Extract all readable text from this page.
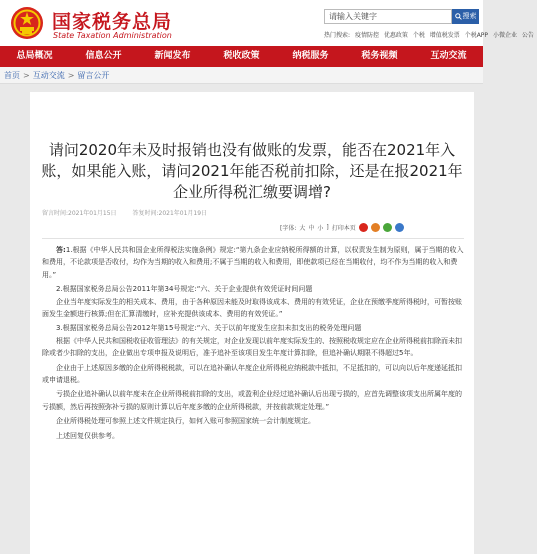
国家税务总局
State Taxation Administration
请输入关键字	搜索
热门搜索: 疫情防控 优惠政策 个税 增值税发票 个税APP 小微企业 公告
总局概况	信息公开	新闻发布	税收政策	纳税服务	税务视频	互动交流
首页 > 互动交流 > 留言公开
请问2020年未及时报销也没有做账的发票，能否在2021年入账，如果能入账，请问2021年能否税前扣除，还是在报2021年企业所得税汇缴要调增?
留言时间:2021年01月15日	答复时间:2021年01月19日
[字体: 大 中 小 ] 打印本页

答:1.根据《中华人民共和国企业所得税法实施条例》规定:“第九条企业应纳税所得额的计算，以权责发生制为原则，属于当期的收入和费用，不论款项是否收付，均作为当期的收入和费用;不属于当期的收入和费用，即使款项已经在当期收付，均不作为当期的收入和费用。”

2.根据国家税务总局公告2011年第34号规定:“六、关于企业提供有效凭证时间问题

企业当年度实际发生的相关成本、费用，由于各种原因未能及时取得该成本、费用的有效凭证，企业在预缴季度所得税时，可暂按账面发生金额进行核算;但在汇算清缴时，应补充提供该成本、费用的有效凭证。”

3.根据国家税务总局公告2012年第15号规定:“六、关于以前年度发生应扣未扣支出的税务处理问题

根据《中华人民共和国税收征收管理法》的有关规定，对企业发现以前年度实际发生的、按照税收规定应在企业所得税前扣除而未扣除或者少扣除的支出，企业做出专项申报及说明后，准予追补至该项目发生年度计算扣除，但追补确认期限不得超过5年。

企业由于上述原因多缴的企业所得税税款，可以在追补确认年度企业所得税应纳税款中抵扣，不足抵扣的，可以向以后年度递延抵扣或申请退税。

亏损企业追补确认以前年度未在企业所得税前扣除的支出，或盈利企业经过追补确认后出现亏损的，应首先调整该项支出所属年度的亏损额，然后再按照弥补亏损的原则计算以后年度多缴的企业所得税款，并按前款规定处理。”

企业所得税处理可参照上述文件规定执行，如何入账可参照国家统一会计制度规定。

上述回复仅供参考。
